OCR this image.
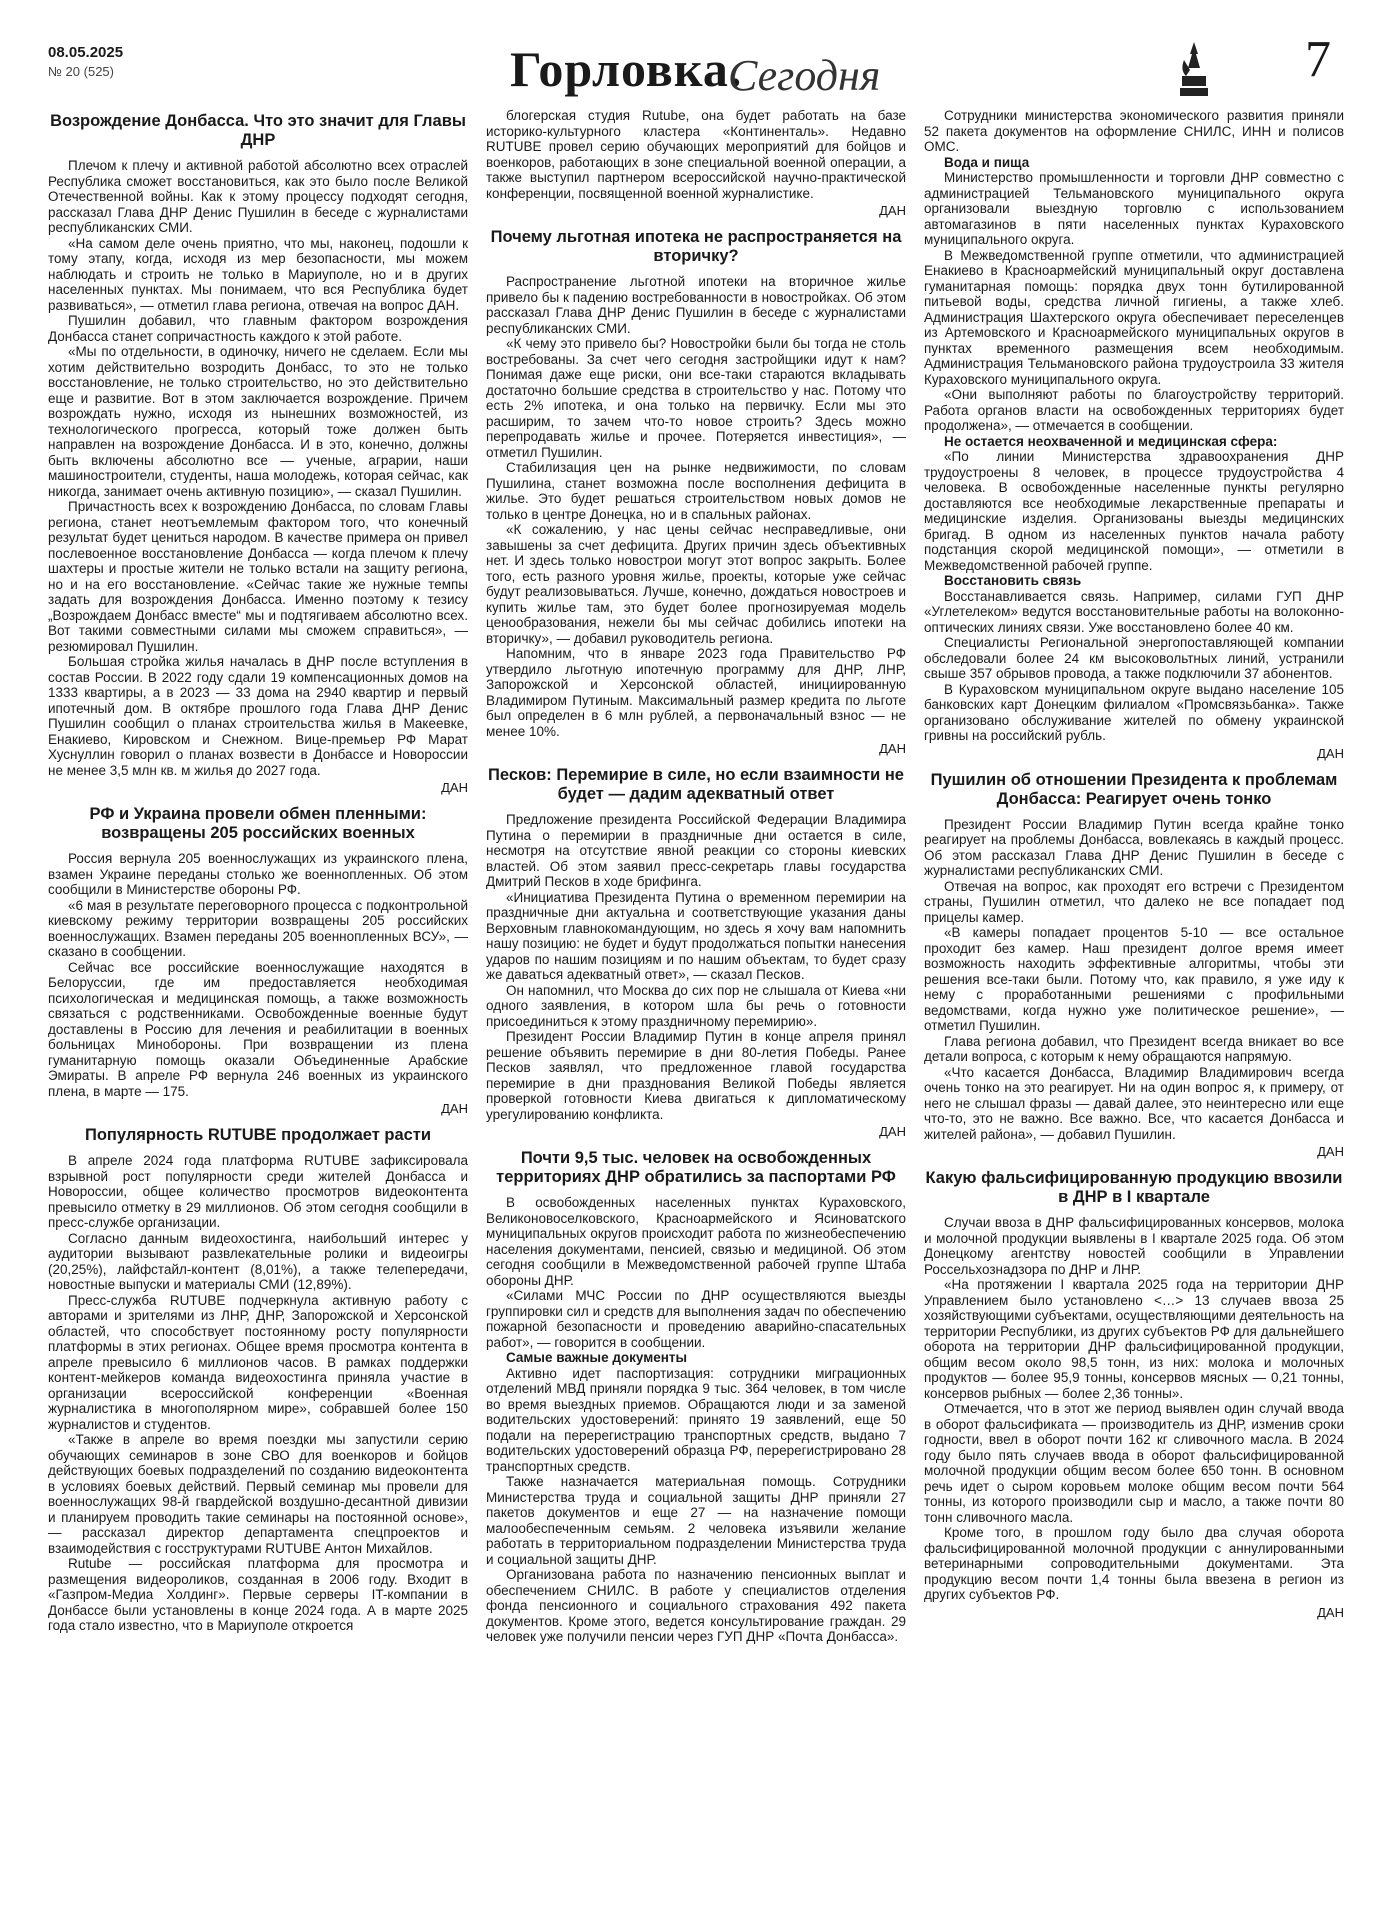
08.05.2025
№ 20 (525)	Горловка.
Сегодня	7
Возрождение Донбасса. Что это значит для Главы ДНР

Плечом к плечу и активной работой абсолютно всех отраслей Республика сможет восстановиться, как это было после Великой Отечественной войны. Как к этому процессу подходят сегодня, рассказал Глава ДНР Денис Пушилин в беседе с журналистами республиканских СМИ.

«На самом деле очень приятно, что мы, наконец, подошли к тому этапу, когда, исходя из мер безопасности, мы можем наблюдать и строить не только в Мариуполе, но и в других населенных пунктах. Мы понимаем, что вся Республика будет развиваться», — отметил глава региона, отвечая на вопрос ДАН.

Пушилин добавил, что главным фактором возрождения Донбасса станет сопричастность каждого к этой работе.

«Мы по отдельности, в одиночку, ничего не сделаем. Если мы хотим действительно возродить Донбасс, то это не только восстановление, не только строительство, но это действительно еще и развитие. Вот в этом заключается возрождение. Причем возрождать нужно, исходя из нынешних возможностей, из технологического прогресса, который тоже должен быть направлен на возрождение Донбасса. И в это, конечно, должны быть включены абсолютно все — ученые, аграрии, наши машиностроители, студенты, наша молодежь, которая сейчас, как никогда, занимает очень активную позицию», — сказал Пушилин.

Причастность всех к возрождению Донбасса, по словам Главы региона, станет неотъемлемым фактором того, что конечный результат будет цениться народом. В качестве примера он привел послевоенное восстановление Донбасса — когда плечом к плечу шахтеры и простые жители не только встали на защиту региона, но и на его восстановление. «Сейчас такие же нужные темпы задать для возрождения Донбасса. Именно поэтому к тезису „Возрождаем Донбасс вместе“ мы и подтягиваем абсолютно всех. Вот такими совместными силами мы сможем справиться», — резюмировал Пушилин.

Большая стройка жилья началась в ДНР после вступления в состав России. В 2022 году сдали 19 компенсационных домов на 1333 квартиры, а в 2023 — 33 дома на 2940 квартир и первый ипотечный дом. В октябре прошлого года Глава ДНР Денис Пушилин сообщил о планах строительства жилья в Макеевке, Енакиево, Кировском и Снежном. Вице-премьер РФ Марат Хуснуллин говорил о планах возвести в Донбассе и Новороссии не менее 3,5 млн кв. м жилья до 2027 года.

ДАН
РФ и Украина провели обмен пленными: возвращены 205 российских военных

Россия вернула 205 военнослужащих из украинского плена, взамен Украине переданы столько же военнопленных. Об этом сообщили в Министерстве обороны РФ.

«6 мая в результате переговорного процесса с подконтрольной киевскому режиму территории возвращены 205 российских военнослужащих. Взамен переданы 205 военнопленных ВСУ», — сказано в сообщении.

Сейчас все российские военнослужащие находятся в Белоруссии, где им предоставляется необходимая психологическая и медицинская помощь, а также возможность связаться с родственниками. Освобожденные военные будут доставлены в Россию для лечения и реабилитации в военных больницах Минобороны. При возвращении из плена гуманитарную помощь оказали Объединенные Арабские Эмираты. В апреле РФ вернула 246 военных из украинского плена, в марте — 175.

ДАН
Популярность RUTUBE продолжает расти

В апреле 2024 года платформа RUTUBE зафиксировала взрывной рост популярности среди жителей Донбасса и Новороссии, общее количество просмотров видеоконтента превысило отметку в 29 миллионов. Об этом сегодня сообщили в пресс-службе организации.

Согласно данным видеохостинга, наибольший интерес у аудитории вызывают развлекательные ролики и видеоигры (20,25%), лайфстайл-контент (8,01%), а также телепередачи, новостные выпуски и материалы СМИ (12,89%).

Пресс-служба RUTUBE подчеркнула активную работу с авторами и зрителями из ЛНР, ДНР, Запорожской и Херсонской областей, что способствует постоянному росту популярности платформы в этих регионах. Общее время просмотра контента в апреле превысило 6 миллионов часов. В рамках поддержки контент-мейкеров команда видеохостинга приняла участие в организации всероссийской конференции «Военная журналистика в многополярном мире», собравшей более 150 журналистов и студентов.

«Также в апреле во время поездки мы запустили серию обучающих семинаров в зоне СВО для военкоров и бойцов действующих боевых подразделений по созданию видеоконтента в условиях боевых действий. Первый семинар мы провели для военнослужащих 98-й гвардейской воздушно-десантной дивизии и планируем проводить такие семинары на постоянной основе», — рассказал директор департамента спецпроектов и взаимодействия с госструктурами RUTUBE Антон Михайлов.

Rutube — российская платформа для просмотра и размещения видеороликов, созданная в 2006 году. Входит в «Газпром-Медиа Холдинг». Первые серверы IT-компании в Донбассе были установлены в конце 2024 года. А в марте 2025 года стало известно, что в Мариуполе откроется

блогерская студия Rutube, она будет работать на базе историко-культурного кластера «Континенталь». Недавно RUTUBE провел серию обучающих мероприятий для бойцов и военкоров, работающих в зоне специальной военной операции, а также выступил партнером всероссийской научно-практической конференции, посвященной военной журналистике.

ДАН
Почему льготная ипотека не распространяется на вторичку?

Распространение льготной ипотеки на вторичное жилье привело бы к падению востребованности в новостройках. Об этом рассказал Глава ДНР Денис Пушилин в беседе с журналистами республиканских СМИ.

«К чему это привело бы? Новостройки были бы тогда не столь востребованы. За счет чего сегодня застройщики идут к нам? Понимая даже еще риски, они все-таки стараются вкладывать достаточно большие средства в строительство у нас. Потому что есть 2% ипотека, и она только на первичку. Если мы это расширим, то зачем что-то новое строить? Здесь можно перепродавать жилье и прочее. Потеряется инвестиция», — отметил Пушилин.

Стабилизация цен на рынке недвижимости, по словам Пушилина, станет возможна после восполнения дефицита в жилье. Это будет решаться строительством новых домов не только в центре Донецка, но и в спальных районах.

«К сожалению, у нас цены сейчас несправедливые, они завышены за счет дефицита. Других причин здесь объективных нет. И здесь только новострои могут этот вопрос закрыть. Более того, есть разного уровня жилье, проекты, которые уже сейчас будут реализовываться. Лучше, конечно, дождаться новостроев и купить жилье там, это будет более прогнозируемая модель ценообразования, нежели бы мы сейчас добились ипотеки на вторичку», — добавил руководитель региона.

Напомним, что в январе 2023 года Правительство РФ утвердило льготную ипотечную программу для ДНР, ЛНР, Запорожской и Херсонской областей, инициированную Владимиром Путиным. Максимальный размер кредита по льготе был определен в 6 млн рублей, а первоначальный взнос — не менее 10%.

ДАН
Песков: Перемирие в силе, но если взаимности не будет — дадим адекватный ответ

Предложение президента Российской Федерации Владимира Путина о перемирии в праздничные дни остается в силе, несмотря на отсутствие явной реакции со стороны киевских властей. Об этом заявил пресс-секретарь главы государства Дмитрий Песков в ходе брифинга.

«Инициатива Президента Путина о временном перемирии на праздничные дни актуальна и соответствующие указания даны Верховным главнокомандующим, но здесь я хочу вам напомнить нашу позицию: не будет и будут продолжаться попытки нанесения ударов по нашим позициям и по нашим объектам, то будет сразу же даваться адекватный ответ», — сказал Песков.

Он напомнил, что Москва до сих пор не слышала от Киева «ни одного заявления, в котором шла бы речь о готовности присоединиться к этому праздничному перемирию».

Президент России Владимир Путин в конце апреля принял решение объявить перемирие в дни 80-летия Победы. Ранее Песков заявлял, что предложенное главой государства перемирие в дни празднования Великой Победы является проверкой готовности Киева двигаться к дипломатическому урегулированию конфликта.

ДАН
Почти 9,5 тыс. человек на освобожденных территориях ДНР обратились за паспортами РФ

В освобожденных населенных пунктах Кураховского, Великоновоселковского, Красноармейского и Ясиноватского муниципальных округов происходит работа по жизнеобеспечению населения документами, пенсией, связью и медициной. Об этом сегодня сообщили в Межведомственной рабочей группе Штаба обороны ДНР.

«Силами МЧС России по ДНР осуществляются выезды группировки сил и средств для выполнения задач по обеспечению пожарной безопасности и проведению аварийно-спасательных работ», — говорится в сообщении.

Самые важные документы

Активно идет паспортизация: сотрудники миграционных отделений МВД приняли порядка 9 тыс. 364 человек, в том числе во время выездных приемов. Обращаются люди и за заменой водительских удостоверений: принято 19 заявлений, еще 50 подали на перерегистрацию транспортных средств, выдано 7 водительских удостоверений образца РФ, перерегистрировано 28 транспортных средств.

Также назначается материальная помощь. Сотрудники Министерства труда и социальной защиты ДНР приняли 27 пакетов документов и еще 27 — на назначение помощи малообеспеченным семьям. 2 человека изъявили желание работать в территориальном подразделении Министерства труда и социальной защиты ДНР.

Организована работа по назначению пенсионных выплат и обеспечением СНИЛС. В работе у специалистов отделения фонда пенсионного и социального страхования 492 пакета документов. Кроме этого, ведется консультирование граждан. 29 человек уже получили пенсии через ГУП ДНР «Почта Донбасса».

Сотрудники министерства экономического развития приняли 52 пакета документов на оформление СНИЛС, ИНН и полисов ОМС.

Вода и пища

Министерство промышленности и торговли ДНР совместно с администрацией Тельмановского муниципального округа организовали выездную торговлю с использованием автомагазинов в пяти населенных пунктах Кураховского муниципального округа.

В Межведомственной группе отметили, что администрацией Енакиево в Красноармейский муниципальный округ доставлена гуманитарная помощь: порядка двух тонн бутилированной питьевой воды, средства личной гигиены, а также хлеб. Администрация Шахтерского округа обеспечивает переселенцев из Артемовского и Красноармейского муниципальных округов в пунктах временного размещения всем необходимым. Администрация Тельмановского района трудоустроила 33 жителя Кураховского муниципального округа.

«Они выполняют работы по благоустройству территорий. Работа органов власти на освобожденных территориях будет продолжена», — отмечается в сообщении.

Не остается неохваченной и медицинская сфера:

«По линии Министерства здравоохранения ДНР трудоустроены 8 человек, в процессе трудоустройства 4 человека. В освобожденные населенные пункты регулярно доставляются все необходимые лекарственные препараты и медицинские изделия. Организованы выезды медицинских бригад. В одном из населенных пунктов начала работу подстанция скорой медицинской помощи», — отметили в Межведомственной рабочей группе.

Восстановить связь

Восстанавливается связь. Например, силами ГУП ДНР «Углетелеком» ведутся восстановительные работы на волоконно-оптических линиях связи. Уже восстановлено более 40 км.

Специалисты Региональной энергопоставляющей компании обследовали более 24 км высоковольтных линий, устранили свыше 357 обрывов провода, а также подключили 37 абонентов.

В Кураховском муниципальном округе выдано население 105 банковских карт Донецким филиалом «Промсвязьбанка». Также организовано обслуживание жителей по обмену украинской гривны на российский рубль.

ДАН
Пушилин об отношении Президента к проблемам Донбасса: Реагирует очень тонко

Президент России Владимир Путин всегда крайне тонко реагирует на проблемы Донбасса, вовлекаясь в каждый процесс. Об этом рассказал Глава ДНР Денис Пушилин в беседе с журналистами республиканских СМИ.

Отвечая на вопрос, как проходят его встречи с Президентом страны, Пушилин отметил, что далеко не все попадает под прицелы камер.

«В камеры попадает процентов 5-10 — все остальное проходит без камер. Наш президент долгое время имеет возможность находить эффективные алгоритмы, чтобы эти решения все-таки были. Потому что, как правило, я уже иду к нему с проработанными решениями с профильными ведомствами, когда нужно уже политическое решение», — отметил Пушилин.

Глава региона добавил, что Президент всегда вникает во все детали вопроса, с которым к нему обращаются напрямую.

«Что касается Донбасса, Владимир Владимирович всегда очень тонко на это реагирует. Ни на один вопрос я, к примеру, от него не слышал фразы — давай далее, это неинтересно или еще что-то, это не важно. Все важно. Все, что касается Донбасса и жителей района», — добавил Пушилин.

ДАН
Какую фальсифицированную продукцию ввозили в ДНР в I квартале

Случаи ввоза в ДНР фальсифицированных консервов, молока и молочной продукции выявлены в I квартале 2025 года. Об этом Донецкому агентству новостей сообщили в Управлении Россельхознадзора по ДНР и ЛНР.

«На протяжении I квартала 2025 года на территории ДНР Управлением было установлено <…> 13 случаев ввоза 25 хозяйствующими субъектами, осуществляющими деятельность на территории Республики, из других субъектов РФ для дальнейшего оборота на территории ДНР фальсифицированной продукции, общим весом около 98,5 тонн, из них: молока и молочных продуктов — более 95,9 тонны, консервов мясных — 0,21 тонны, консервов рыбных — более 2,36 тонны».

Отмечается, что в этот же период выявлен один случай ввода в оборот фальсификата — производитель из ДНР, изменив сроки годности, ввел в оборот почти 162 кг сливочного масла. В 2024 году было пять случаев ввода в оборот фальсифицированной молочной продукции общим весом более 650 тонн. В основном речь идет о сыром коровьем молоке общим весом почти 564 тонны, из которого производили сыр и масло, а также почти 80 тонн сливочного масла.

Кроме того, в прошлом году было два случая оборота фальсифицированной молочной продукции с аннулированными ветеринарными сопроводительными документами. Эта продукцию весом почти 1,4 тонны была ввезена в регион из других субъектов РФ.

ДАН
